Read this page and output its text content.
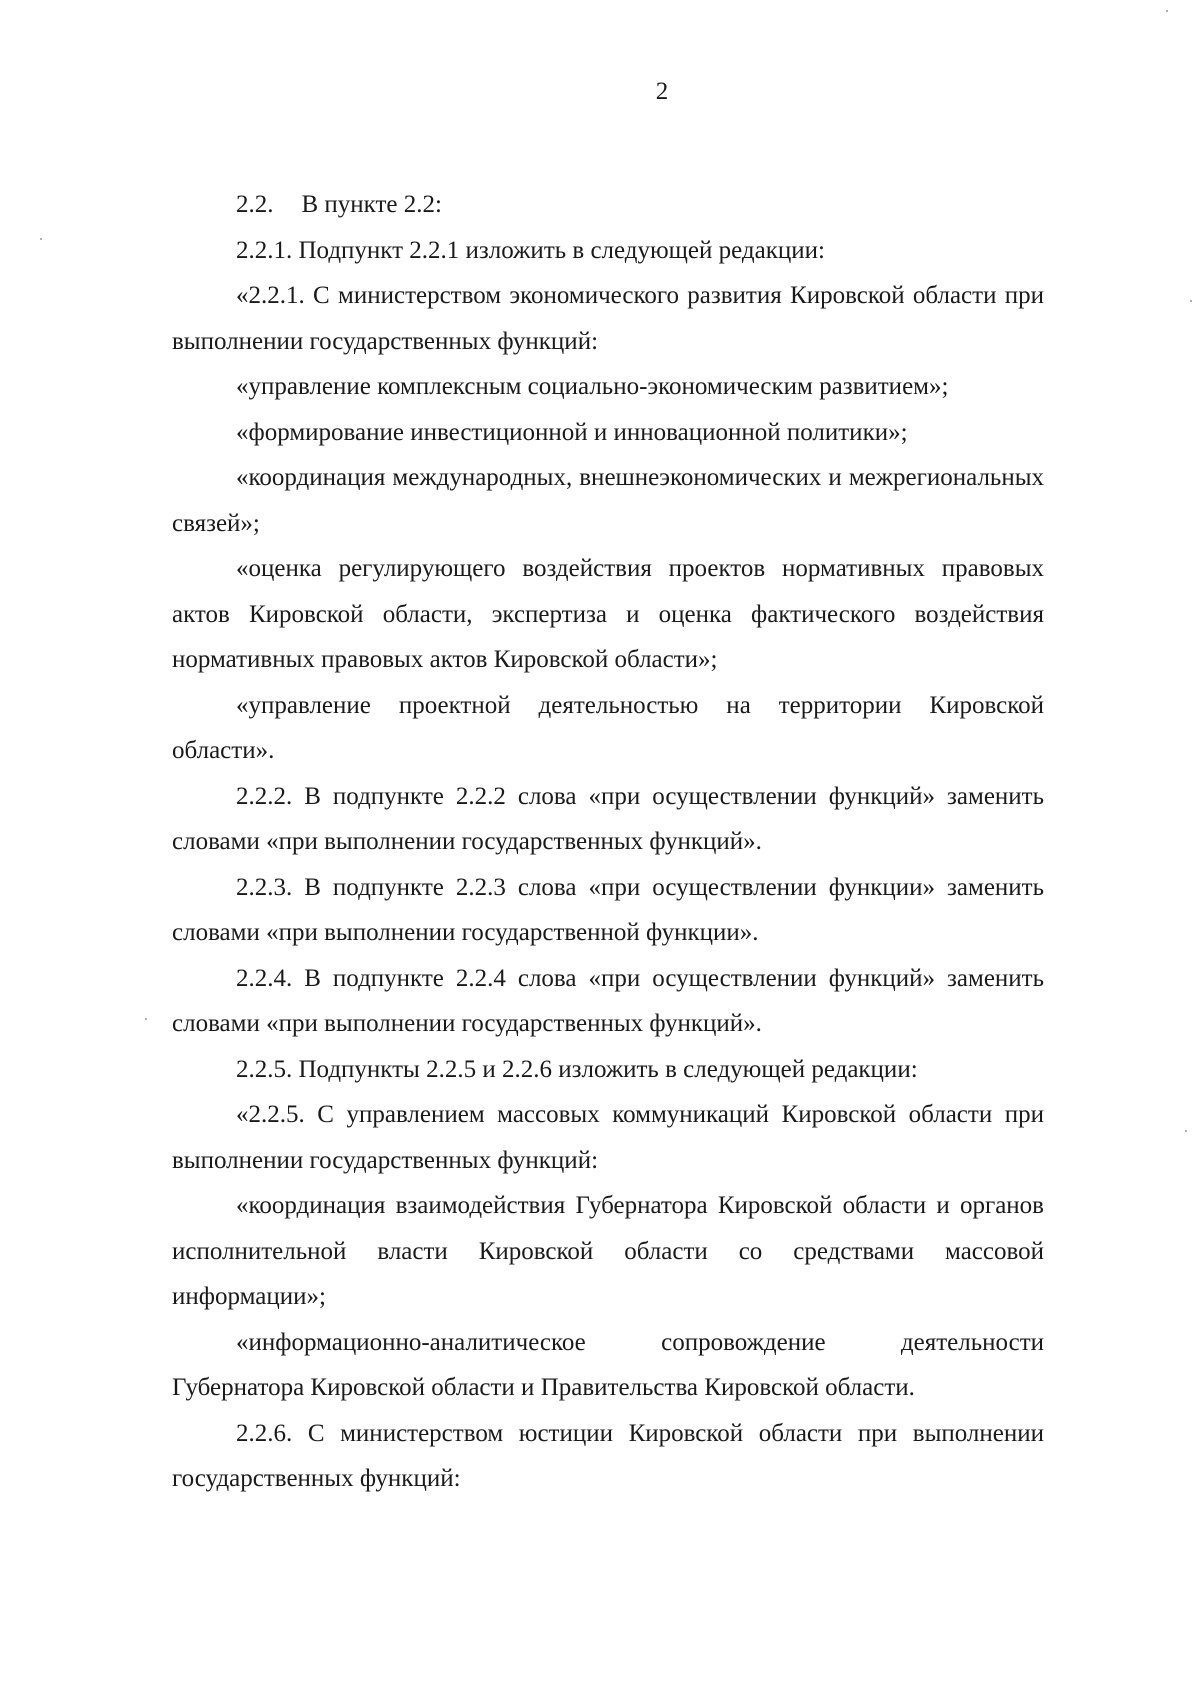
2

2.2. В пункте 2.2:

2.2.1. Подпункт 2.2.1 изложить в следующей редакции:

«2.2.1. С министерством экономического развития Кировской области при выполнении государственных функций:

«управление комплексным социально-экономическим развитием»;

«формирование инвестиционной и инновационной политики»;

«координация международных, внешнеэкономических и межрегиональных связей»;

«оценка регулирующего воздействия проектов нормативных правовых актов Кировской области, экспертиза и оценка фактического воздействия нормативных правовых актов Кировской области»;

«управление проектной деятельностью на территории Кировской области».

2.2.2. В подпункте 2.2.2 слова «при осуществлении функций» заменить словами «при выполнении государственных функций».

2.2.3. В подпункте 2.2.3 слова «при осуществлении функции» заменить словами «при выполнении государственной функции».

2.2.4. В подпункте 2.2.4 слова «при осуществлении функций» заменить словами «при выполнении государственных функций».

2.2.5. Подпункты 2.2.5 и 2.2.6 изложить в следующей редакции:

«2.2.5. С управлением массовых коммуникаций Кировской области при выполнении государственных функций:

«координация взаимодействия Губернатора Кировской области и органов исполнительной власти Кировской области со средствами массовой информации»;

«информационно-аналитическое сопровождение деятельности Губернатора Кировской области и Правительства Кировской области.

2.2.6. С министерством юстиции Кировской области при выполнении государственных функций:
